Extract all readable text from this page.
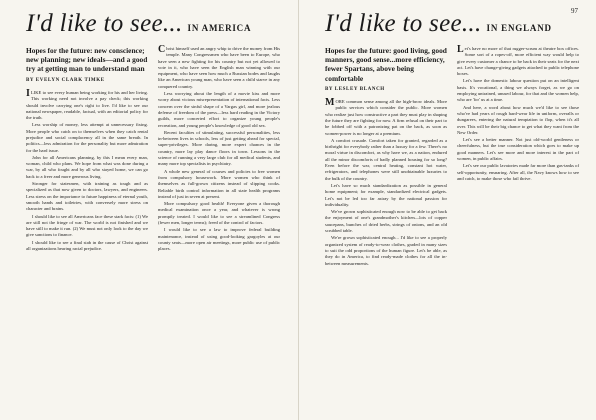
I'd like to see... IN AMERICA
Hopes for the future: new conscience; new planning; new ideals—and a good try at getting man to understand man
BY EVELYN CLARK TIMKE

ILIKE to see every human being working for his and her living. This working need not involve a pay check; this working should involve carrying one's right to live. I'd like to see our national newspaper, readable, factual, with an editorial policy for the truth.

Less worship of money, less attempt at unnecessary fixing. More people who catch on to themselves when they catch rental prejudice and social complacency all in the same breath. In politics—less admiration for the personality but more admiration for the hard issue.

John for all Americans planning, by this I mean every man, woman, child who plans. We hope from what was done during a war, by all who fought and by all who stayed home, we can go back to a freer and more generous living.

Stronger for statesmen, with training as tough and as specialized as that now given to doctors, lawyers, and engineers. Less stress on the importance to future happiness of eternal youth, smooth hands and toiletries, with conversely more stress on character and brains.

I should like to see all Americans face these stark facts: (1) We are still not the fringe of war. The world is not finished and we have still to make it run. (2) We must not only look to the day we give sanctions to finance.

I should like to see a final stab in the cause of Christ against all organizations hearing racial prejudice.

Christ himself used an angry whip to drive the money from His temple. Many Congressmen who have been to Europe, who have seen a new fighting for his country but not yet allowed to vote in it, who have seen the English man winning with our equipment, who have seen how much a Russian bodes and laughs like an American young man, who have seen a child starve in any conquered country.

Less worrying about the length of a movie kiss and more worry about vicious misrepresentation of international facts. Less concern over the sinful shape of a Vargas girl, and more jealous defense of freedom of the press—less hard reading in the Victory guilds, more concerted effort to organize young people's recreation, and young people's knowledge of good old sex.

Recent faculties of stimulating, successful personalities, less in-between lives in schools, less of just getting ahead for special, super-privileges. More daring, more expert chances in the country, more lay play dance floors in town. Lessons in the science of running a very large club for all medical students, and many more top specialists in psychiatry.

A whole new general of courses and policies to free women from compulsory housework. More women who think of themselves as full-grown citizens instead of slipping cooks. Reliable birth control information in all state health programs instead of just in seven at present.

More compulsory good health! Everyone given a thorough medical examination once a year, and whatever is wrong promptly treated. I would like to see a streamlined Congress (fewer men, longer terms); freed of the control of factors.

I would like to see a law to improve federal building maintenance, instead of using good-looking gargoyles at our county seats—more open air meetings, more public use of public places.

97
I'd like to see... IN ENGLAND
Hopes for the future: good living, good manners, good sense...more efficiency, fewer Spartans, above being comfortable
BY LESLEY BLANCH

MORE common sense among all the high-brow ideals. More public services which consider the public. More women who realize just how constructive a part they must play in shaping the future they are fighting for now. A firm refusal on their part to be fobbed off with a patronizing pat on the back, as soon as women-power is no longer at a premium.

A comfort crusade. Comfort taken for granted, regarded as a birthright for everybody rather than a luxury for a few. There's no moral virtue in discomfort, as why have we, as a nation, endured all the minor discomforts of badly planned housing for so long? Even before the war, central heating, constant hot water, refrigerators, and telephones were still unobtainable luxuries to the bulk of the country.

Let's have so much standardization as possible in general home equipment; for example, standardized electrical gadgets. Let's not be led too far astray by the national passion for individuality.

We've grown sophisticated enough now to be able to get back the enjoyment of one's grandmother's kitchen—lots of copper saucepans, bunches of dried herbs, strings of onions, and an old scrubbed table.

We're grown sophisticated enough... I'd like to see a properly organized system of ready-to-wear clothes, graded in many sizes to suit the odd proportions of the human figure. Let's be able, as they do in America, to find ready-made clothes for all the in-between measurements.

Let's have no more of that rugger-scrum at theatre box offices. Some sort of a ropes-off, more efficient way would help to give every customer a chance to be back in their seats for the next act. Let's have change-giving gadgets attached to public telephone boxes.

Let's have the domestic labour question put on an intelligent basis. It's vocational, a thing we always forget, as we go on employing untrained, unused labour, for that and the women help, who are 'for' us at a time.

And here, a word about how much we'd like to see those who've had years of rough hard-wear life in uniform, overalls or dungarees, entering the natural temptation to flop, when it's all over. This will be their big chance to get what they want from the New Order.

Let's see a better manner. Not just old-world gentleness or cheerfulness, but the true consideration which goes to make up good manners. Let's see more and more interest in the part of women, in public affairs.

Let's see our public lavatories made far more than gas-tanks of self-opportunity, ensnaring. After all, the Navy knows how to see and catch, to make those who fail thrive.
